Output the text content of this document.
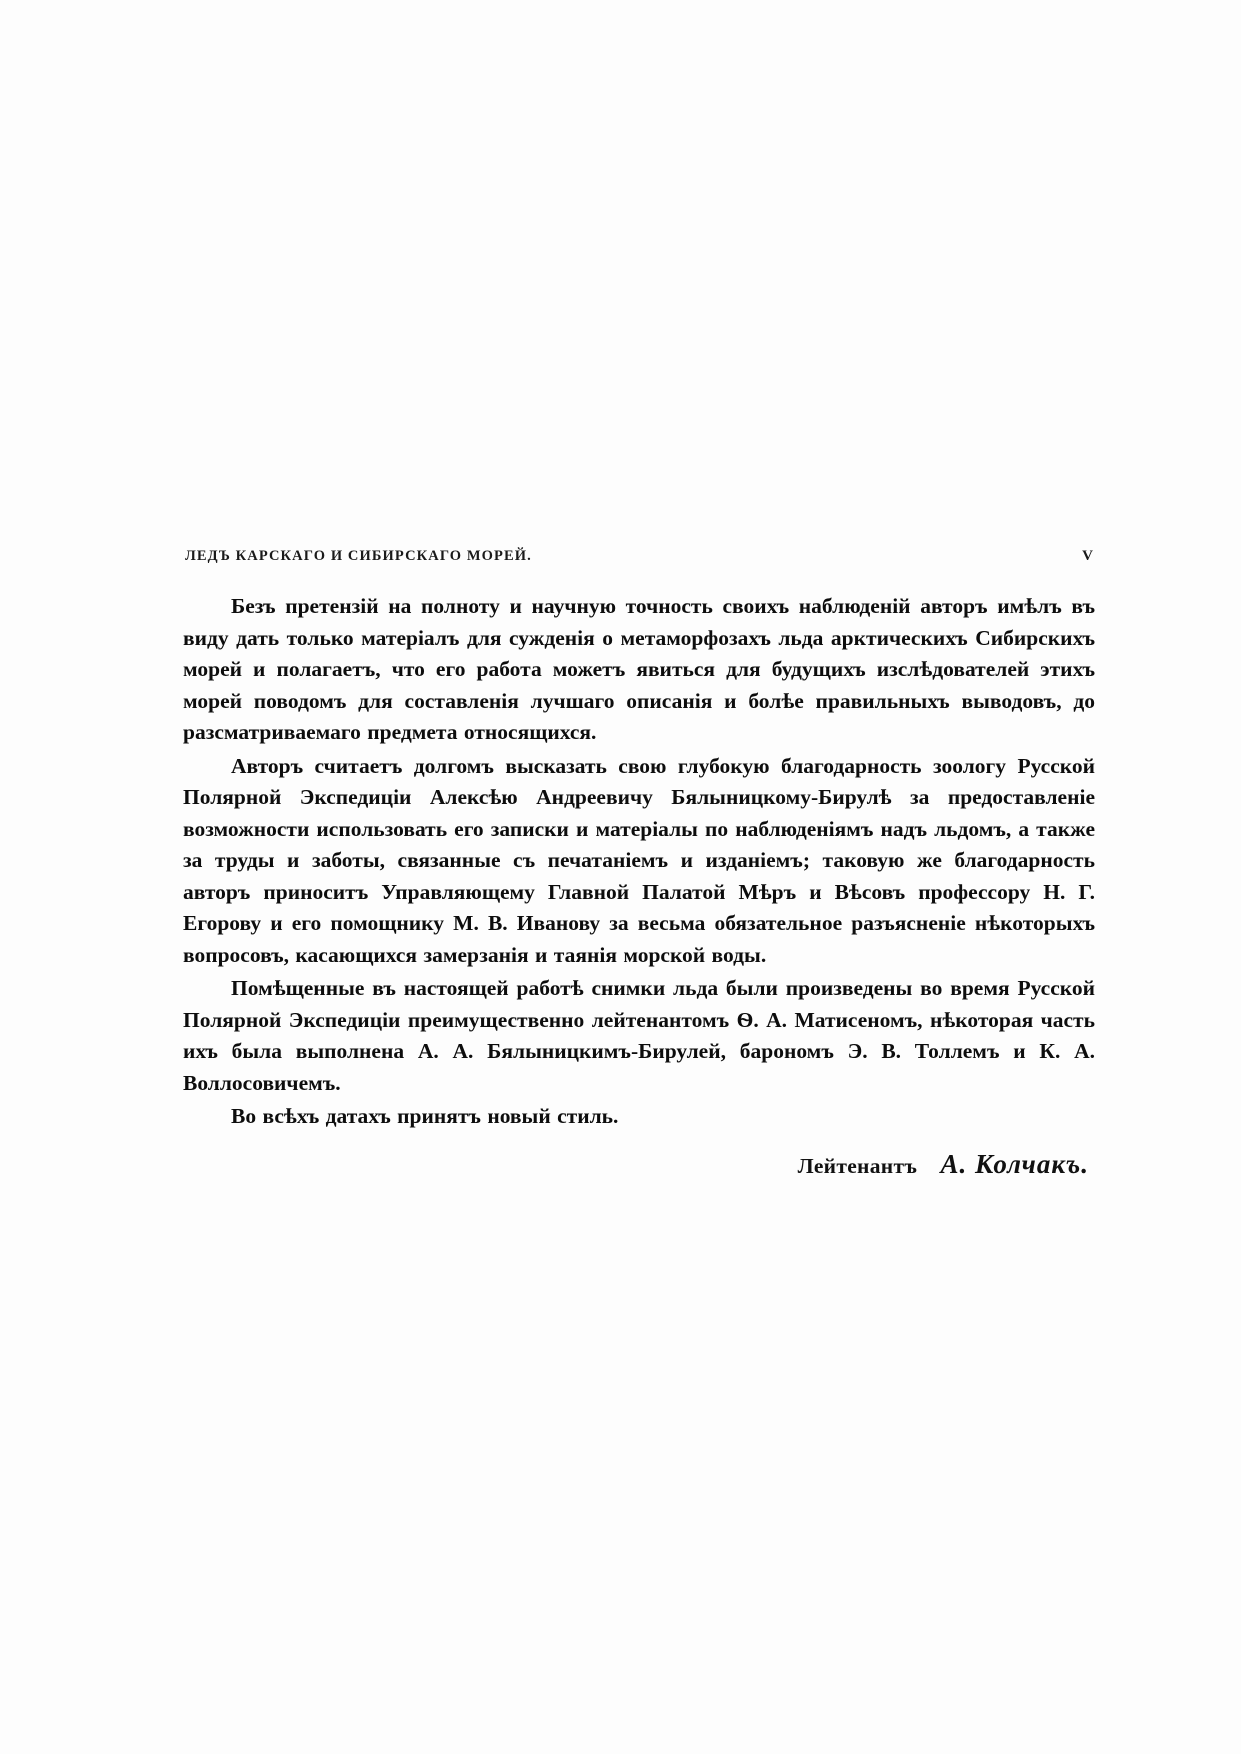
ЛЕДЪ КАРСКАГО И СИБИРСКАГО МОРЕЙ.	V

Безъ претензій на полноту и научную точность своихъ наблюденій авторъ имѣлъ въ виду дать только матеріалъ для сужденія о метаморфозахъ льда арктическихъ Сибирскихъ морей и полагаетъ, что его работа можетъ явиться для будущихъ изслѣдователей этихъ морей поводомъ для составленія лучшаго описанія и болѣе правильныхъ выводовъ, до разсматриваемаго предмета относящихся.

Авторъ считаетъ долгомъ высказать свою глубокую благодарность зоологу Русской Полярной Экспедиціи Алексѣю Андреевичу Бялыницкому-Бирулѣ за предоставленіе возможности использовать его записки и матеріалы по наблюденіямъ надъ льдомъ, а также за труды и заботы, связанные съ печатаніемъ и изданіемъ; таковую же благодарность авторъ приноситъ Управляющему Главной Палатой Мѣръ и Вѣсовъ профессору Н. Г. Егорову и его помощнику М. В. Иванову за весьма обязательное разъясненіе нѣкоторыхъ вопросовъ, касающихся замерзанія и таянія морской воды.

Помѣщенные въ настоящей работѣ снимки льда были произведены во время Русской Полярной Экспедиціи преимущественно лейтенантомъ Ѳ. А. Матисеномъ, нѣкоторая часть ихъ была выполнена А. А. Бялыницкимъ-Бирулей, барономъ Э. В. Толлемъ и К. А. Воллосовичемъ.

Во всѣхъ датахъ принятъ новый стиль.

Лейтенантъ А. Колчакъ.
